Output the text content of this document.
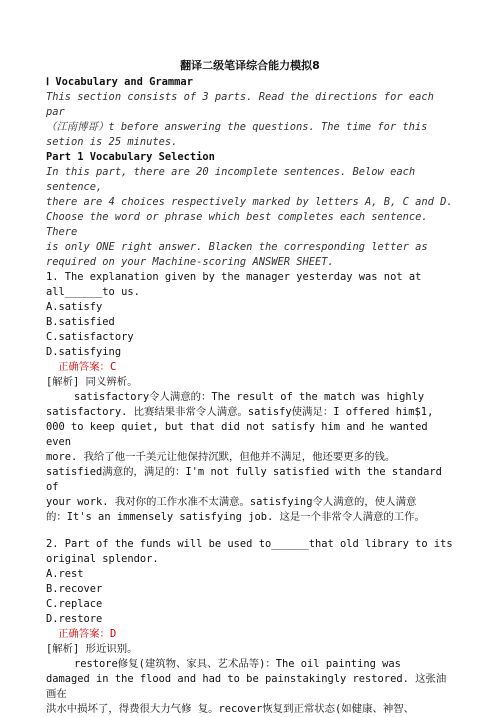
翻译二级笔译综合能力模拟8

Ⅰ Vocabulary and Grammar

This section consists of 3 parts. Read the directions for each par

（江南博哥）t before answering the questions. The time for this

setion is 25 minutes.

Part 1 Vocabulary Selection

In this part, there are 20 incomplete sentences. Below each sentence,

there are 4 choices respectively marked by letters A, B, C and D.

Choose the word or phrase which best completes each sentence. There

is only ONE right answer. Blacken the corresponding letter as

required on your Machine-scoring ANSWER SHEET.

1. The explanation given by the manager yesterday was not at

all______to us.

A.satisfy

B.satisfied

C.satisfactory

D.satisfying

正确答案：C

[解析] 同义辨析。

satisfactory令人满意的：The result of the match was highly

satisfactory. 比赛结果非常令人满意。satisfy使满足：I offered him$1,

000 to keep quiet, but that did not satisfy him and he wanted even

more. 我给了他一千美元让他保持沉默，但他并不满足，他还要更多的钱。

satisfied满意的，满足的：I'm not fully satisfied with the standard of

your work. 我对你的工作水准不太满意。satisfying令人满意的，使人满意

的：It's an immensely satisfying job. 这是一个非常令人满意的工作。

2. Part of the funds will be used to______that old library to its

original splendor.

A.rest

B.recover

C.replace

D.restore

正确答案：D

[解析] 形近识别。

restore修复(建筑物、家具、艺术品等)：The oil painting was

damaged in the flood and had to be painstakingly restored. 这张油画在

洪水中损坏了，得费很大力气修 复。recover恢复到正常状态(如健康、神智、
